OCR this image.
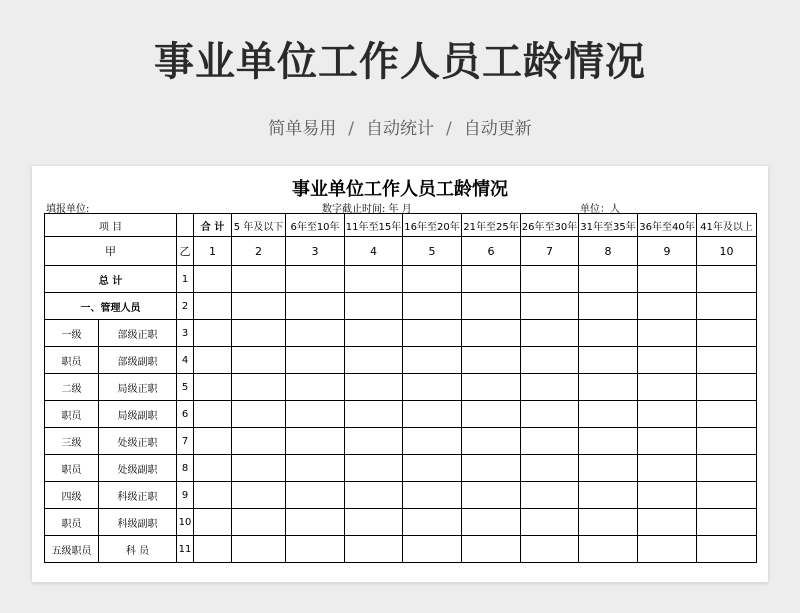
事业单位工作人员工龄情况
简单易用 / 自动统计 / 自动更新
事业单位工作人员工龄情况
填报单位:	数字截止时间: 年 月	单位：人
项 目			合 计	5 年及以下	6年至10年	11年至15年	16年至20年	21年至25年	26年至30年	31年至35年	36年至40年	41年及以上
甲		乙	1	2	3	4	5	6	7	8	9	10
总 计		1										
一、管理人员		2										
一级	部级正职	3										
职员	部级副职	4										
二级	局级正职	5										
职员	局级副职	6										
三级	处级正职	7										
职员	处级副职	8										
四级	科级正职	9										
职员	科级副职	10										
五级职员	科 员	11										
